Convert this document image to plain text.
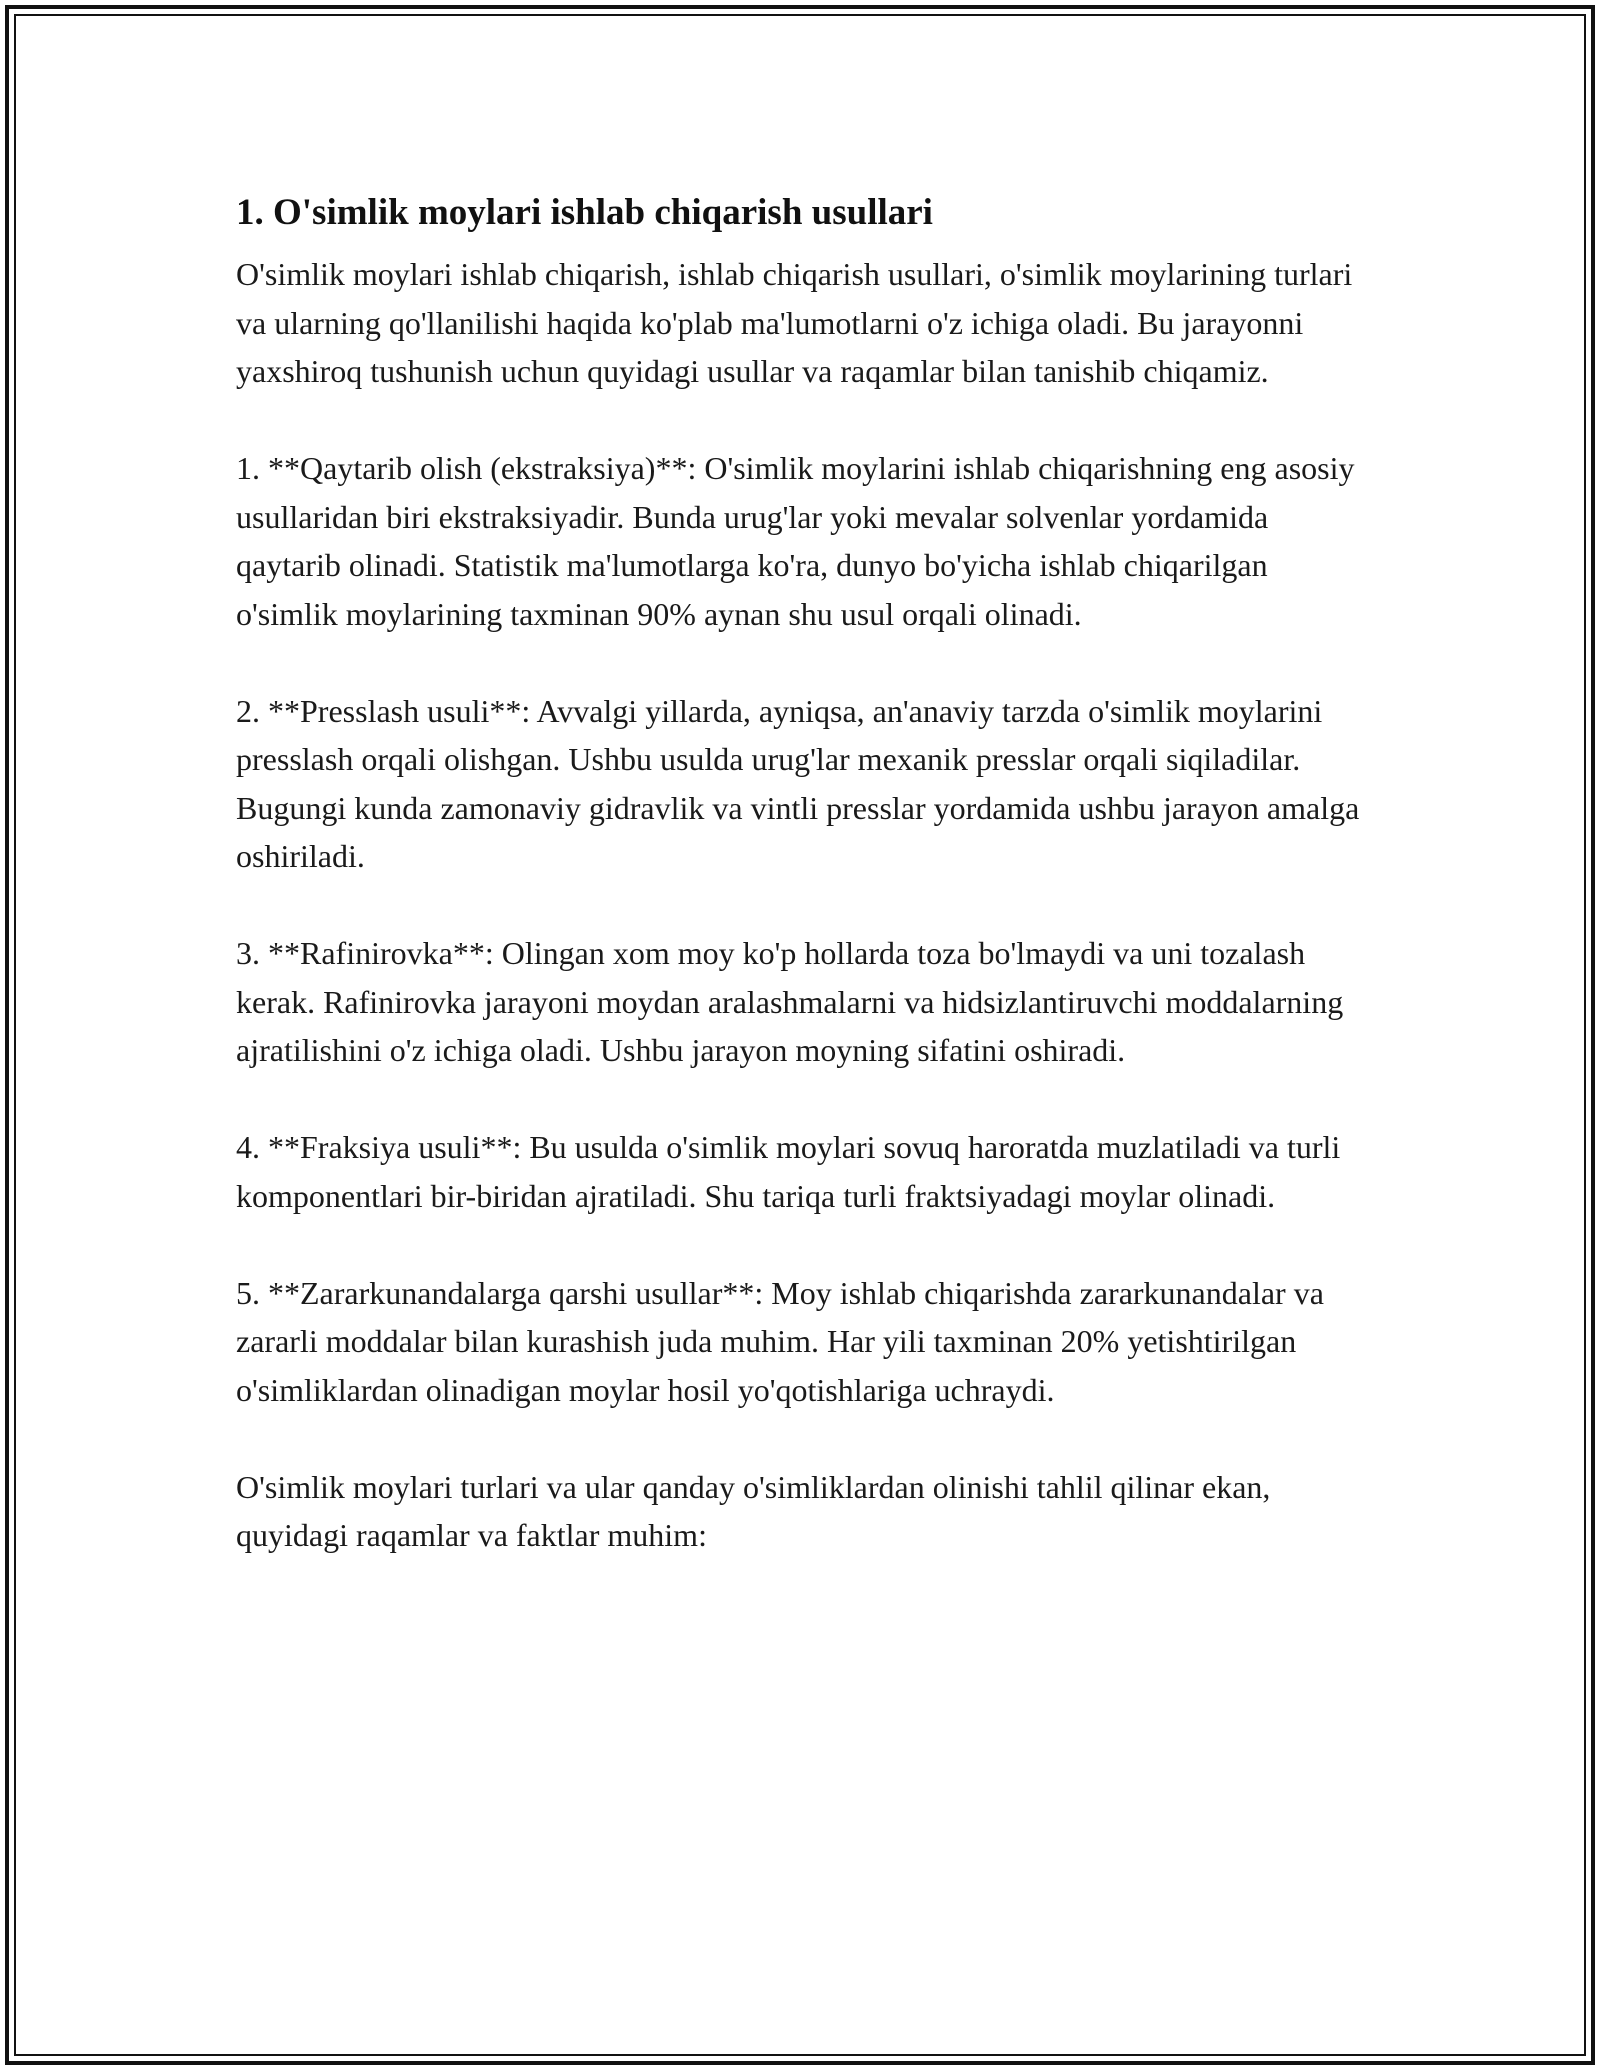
1. O'simlik moylari ishlab chiqarish usullari

O'simlik moylari ishlab chiqarish, ishlab chiqarish usullari, o'simlik moylarining turlari va ularning qo'llanilishi haqida ko'plab ma'lumotlarni o'z ichiga oladi. Bu jarayonni yaxshiroq tushunish uchun quyidagi usullar va raqamlar bilan tanishib chiqamiz.

1. **Qaytarib olish (ekstraksiya)**: O'simlik moylarini ishlab chiqarishning eng asosiy usullaridan biri ekstraksiyadir. Bunda urug'lar yoki mevalar solvenlar yordamida qaytarib olinadi. Statistik ma'lumotlarga ko'ra, dunyo bo'yicha ishlab chiqarilgan o'simlik moylarining taxminan 90% aynan shu usul orqali olinadi.

2. **Presslash usuli**: Avvalgi yillarda, ayniqsa, an'anaviy tarzda o'simlik moylarini presslash orqali olishgan. Ushbu usulda urug'lar mexanik presslar orqali siqiladilar. Bugungi kunda zamonaviy gidravlik va vintli presslar yordamida ushbu jarayon amalga oshiriladi.

3. **Rafinirovka**: Olingan xom moy ko'p hollarda toza bo'lmaydi va uni tozalash kerak. Rafinirovka jarayoni moydan aralashmalarni va hidsizlantiruvchi moddalarning ajratilishini o'z ichiga oladi. Ushbu jarayon moyning sifatini oshiradi.

4. **Fraksiya usuli**: Bu usulda o'simlik moylari sovuq haroratda muzlatiladi va turli komponentlari bir-biridan ajratiladi. Shu tariqa turli fraktsiyadagi moylar olinadi.

5. **Zararkunandalarga qarshi usullar**: Moy ishlab chiqarishda zararkunandalar va zararli moddalar bilan kurashish juda muhim. Har yili taxminan 20% yetishtirilgan o'simliklardan olinadigan moylar hosil yo'qotishlariga uchraydi.

O'simlik moylari turlari va ular qanday o'simliklardan olinishi tahlil qilinar ekan, quyidagi raqamlar va faktlar muhim:
